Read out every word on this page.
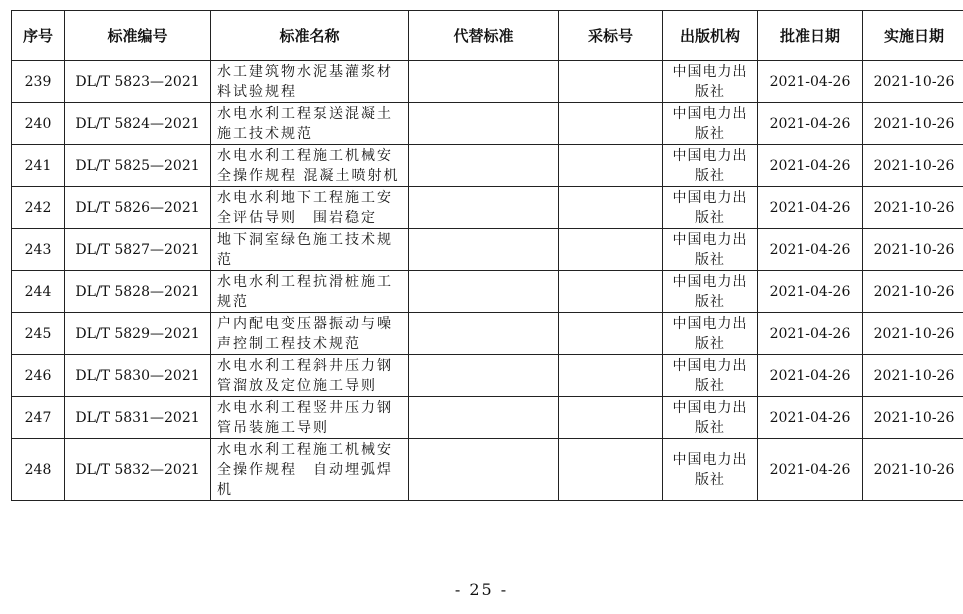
序号	标准编号	标准名称	代替标准	采标号	出版机构	批准日期	实施日期
239	DL/T 5823—2021	水工建筑物水泥基灌浆材料试验规程			中国电力出版社	2021-04-26	2021-10-26
240	DL/T 5824—2021	水电水利工程泵送混凝土施工技术规范			中国电力出版社	2021-04-26	2021-10-26
241	DL/T 5825—2021	水电水利工程施工机械安全操作规程 混凝土喷射机			中国电力出版社	2021-04-26	2021-10-26
242	DL/T 5826—2021	水电水利地下工程施工安全评估导则　围岩稳定			中国电力出版社	2021-04-26	2021-10-26
243	DL/T 5827—2021	地下洞室绿色施工技术规范			中国电力出版社	2021-04-26	2021-10-26
244	DL/T 5828—2021	水电水利工程抗滑桩施工规范			中国电力出版社	2021-04-26	2021-10-26
245	DL/T 5829—2021	户内配电变压器振动与噪声控制工程技术规范			中国电力出版社	2021-04-26	2021-10-26
246	DL/T 5830—2021	水电水利工程斜井压力钢管溜放及定位施工导则			中国电力出版社	2021-04-26	2021-10-26
247	DL/T 5831—2021	水电水利工程竖井压力钢管吊装施工导则			中国电力出版社	2021-04-26	2021-10-26
248	DL/T 5832—2021	水电水利工程施工机械安全操作规程　自动埋弧焊机			中国电力出版社	2021-04-26	2021-10-26
- 25 -
